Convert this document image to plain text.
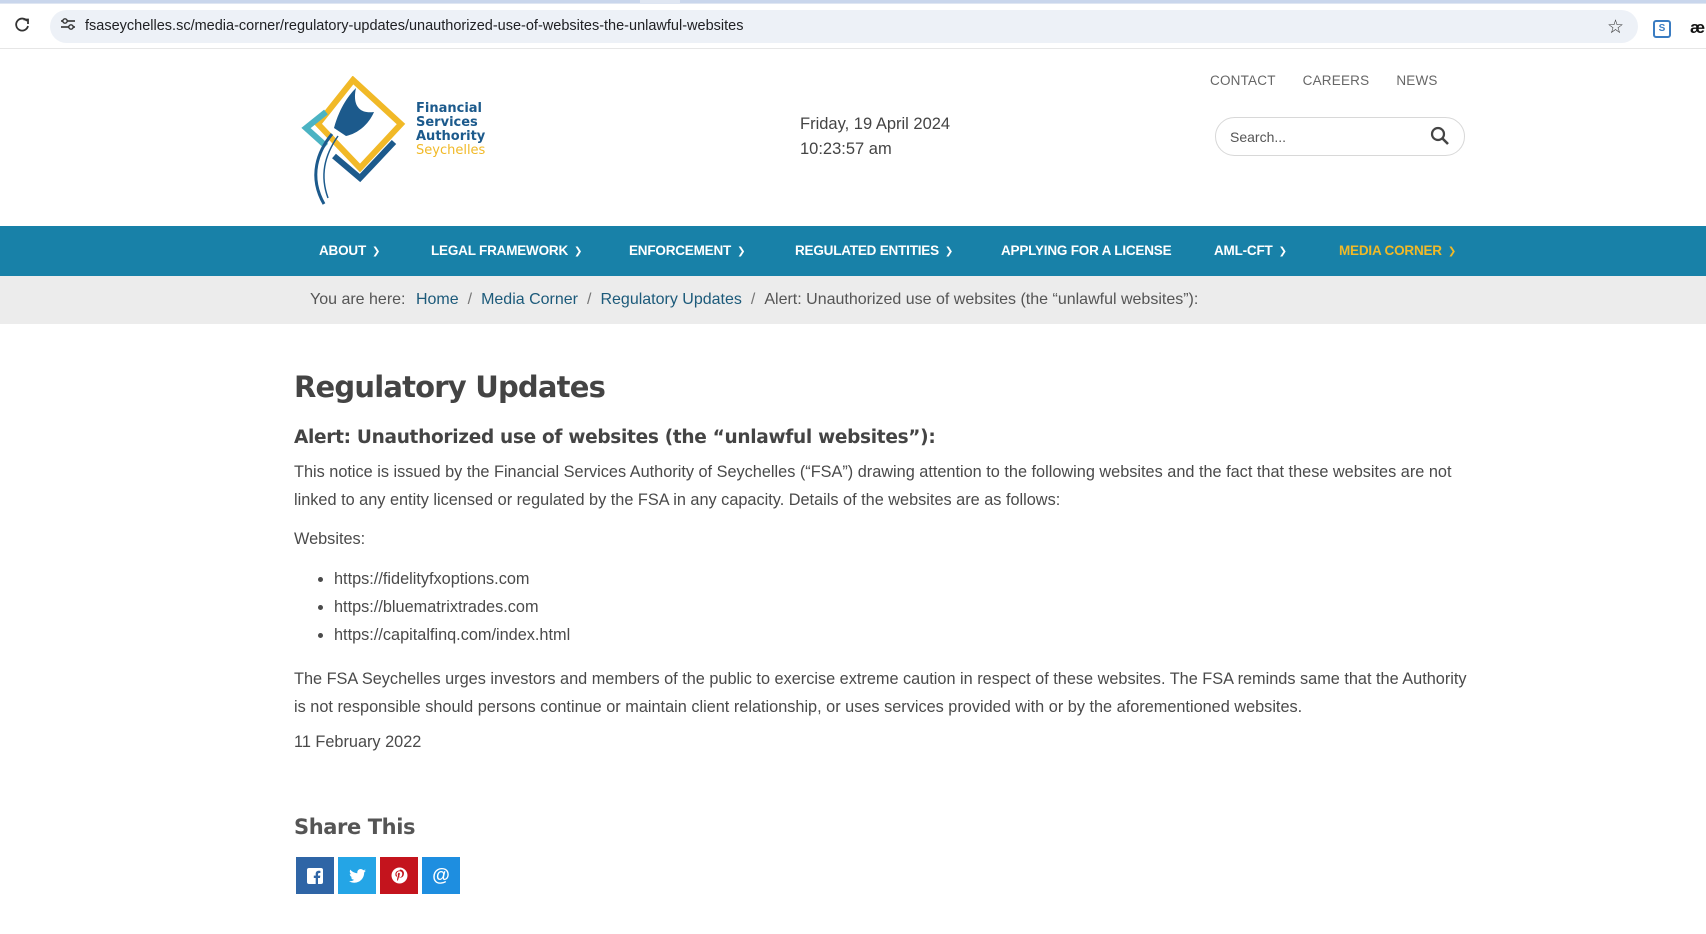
fsaseychelles.sc/media-corner/regulatory-updates/unauthorized-use-of-websites-the-unlawful-websites	☆	S	æ
Financial
Services
Authority
Seychelles
Friday, 19 April 2024
10:23:57 am
CONTACT CAREERS NEWS
Search...
ABOUT ❯	LEGAL FRAMEWORK ❯	ENFORCEMENT ❯	REGULATED ENTITIES ❯	APPLYING FOR A LICENSE	AML-CFT ❯	MEDIA CORNER ❯
You are here: Home / Media Corner / Regulatory Updates / Alert: Unauthorized use of websites (the “unlawful websites”):
Regulatory Updates
Alert: Unauthorized use of websites (the “unlawful websites”):

This notice is issued by the Financial Services Authority of Seychelles (“FSA”) drawing attention to the following websites and the fact that these websites are not linked to any entity licensed or regulated by the FSA in any capacity. Details of the websites are as follows:

Websites:

• https://fidelityfxoptions.com
• https://bluematrixtrades.com
• https://capitalfinq.com/index.html

The FSA Seychelles urges investors and members of the public to exercise extreme caution in respect of these websites. The FSA reminds same that the Authority is not responsible should persons continue or maintain client relationship, or uses services provided with or by the aforementioned websites.

11 February 2022

Share This
@
